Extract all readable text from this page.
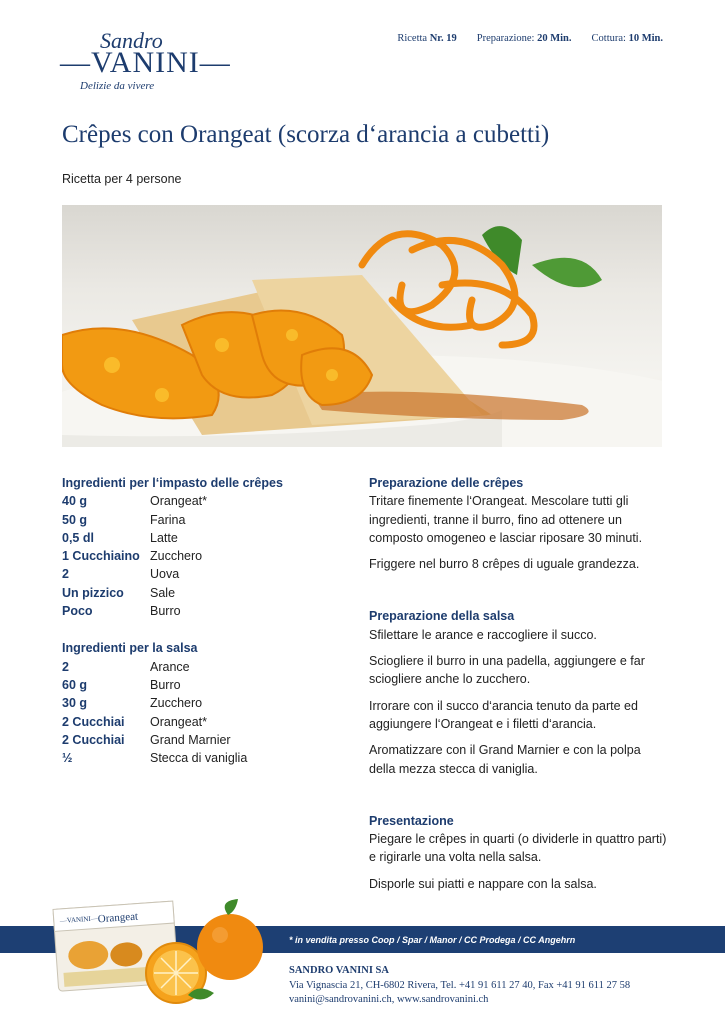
Sandro
—VANINI—
Delizie da vivere
Ricetta Nr. 19 Preparazione: 20 Min. Cottura: 10 Min.
Crêpes con Orangeat (scorza d‘arancia a cubetti)
Ricetta per 4 persone
Ingredienti per l‘impasto delle crêpes
40 g	Orangeat*
50 g	Farina
0,5 dl	Latte
1 Cucchiaino Zucchero
2	Uova
Un pizzico	Sale
Poco	Burro
Ingredienti per la salsa
2	Arance
60 g	Burro
30 g	Zucchero
2 Cucchiai	Orangeat*
2 Cucchiai	Grand Marnier
½	Stecca di vaniglia
Preparazione delle crêpes

Tritare finemente l‘Orangeat. Mescolare tutti gli ingredienti, tranne il burro, fino ad ottenere un composto omogeneo e lasciar riposare 30 minuti.

Friggere nel burro 8 crêpes di uguale grandezza.

Preparazione della salsa

Sfilettare le arance e raccogliere il succo.

Sciogliere il burro in una padella, aggiungere e far sciogliere anche lo zucchero.

Irrorare con il succo d‘arancia tenuto da parte ed aggiungere l‘Orangeat e i filetti d‘arancia.

Aromatizzare con il Grand Marnier e con la polpa della mezza stecca di vaniglia.

Presentazione

Piegare le crêpes in quarti (o dividerle in quattro parti) e rigirarle una volta nella salsa.

Disporle sui piatti e nappare con la salsa.

Orangeat
—VANINI—
* in vendita presso Coop / Spar / Manor / CC Prodega / CC Angehrn
SANDRO VANINI SA
Via Vignascia 21, CH-6802 Rivera, Tel. +41 91 611 27 40, Fax +41 91 611 27 58
vanini@sandrovanini.ch, www.sandrovanini.ch
